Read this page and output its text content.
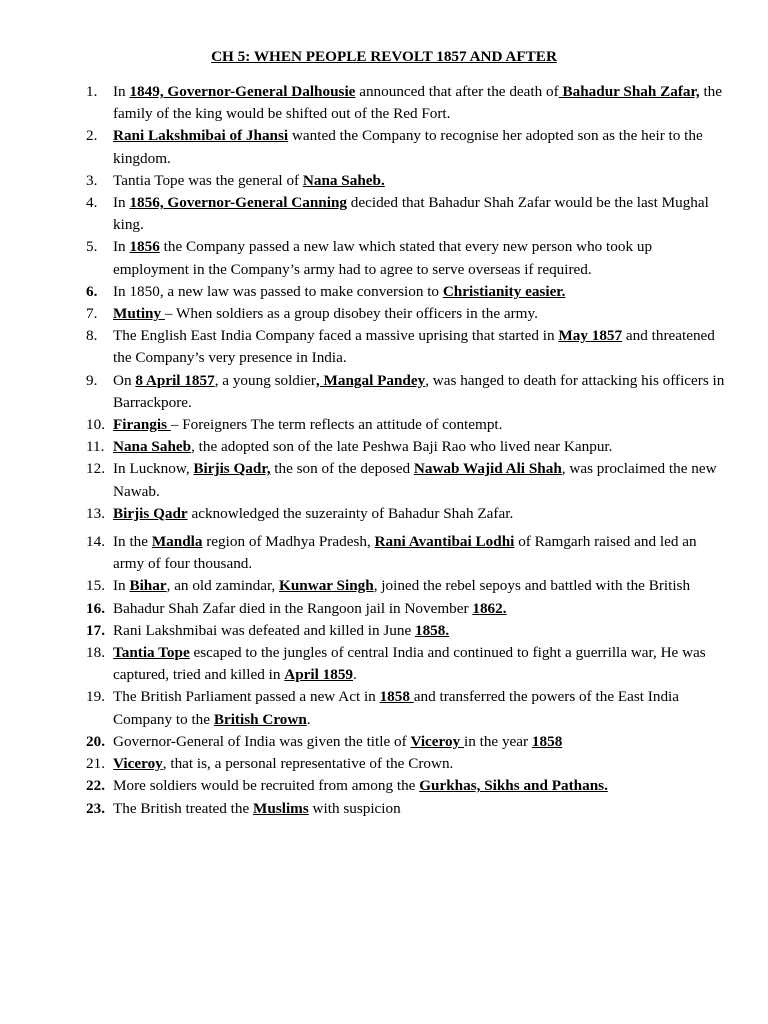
CH 5: WHEN PEOPLE REVOLT 1857 AND AFTER
1.	In 1849, Governor-General Dalhousie announced that after the death of Bahadur Shah Zafar, the family of the king would be shifted out of the Red Fort.
2.	Rani Lakshmibai of Jhansi wanted the Company to recognise her adopted son as the heir to the kingdom.
3.	Tantia Tope was the general of Nana Saheb.
4.	In 1856, Governor-General Canning decided that Bahadur Shah Zafar would be the last Mughal king.
5.	In 1856 the Company passed a new law which stated that every new person who took up employment in the Company’s army had to agree to serve overseas if required.
6.	In 1850, a new law was passed to make conversion to Christianity easier.
7.	Mutiny – When soldiers as a group disobey their officers in the army.
8.	The English East India Company faced a massive uprising that started in May 1857 and threatened the Company’s very presence in India.
9.	On 8 April 1857, a young soldier, Mangal Pandey, was hanged to death for attacking his officers in Barrackpore.
10. Firangis – Foreigners The term reflects an attitude of contempt.
11. Nana Saheb, the adopted son of the late Peshwa Baji Rao who lived near Kanpur.
12. In Lucknow, Birjis Qadr, the son of the deposed Nawab Wajid Ali Shah, was proclaimed the new Nawab.
13. Birjis Qadr acknowledged the suzerainty of Bahadur Shah Zafar.
14. In the Mandla region of Madhya Pradesh, Rani Avantibai Lodhi of Ramgarh raised and led an army of four thousand.
15. In Bihar, an old zamindar, Kunwar Singh, joined the rebel sepoys and battled with the British
16. Bahadur Shah Zafar died in the Rangoon jail in November 1862.
17. Rani Lakshmibai was defeated and killed in June 1858.
18. Tantia Tope escaped to the jungles of central India and continued to fight a guerrilla war, He was captured, tried and killed in April 1859.
19. The British Parliament passed a new Act in 1858 and transferred the powers of the East India Company to the British Crown.
20. Governor-General of India was given the title of Viceroy in the year 1858
21. Viceroy, that is, a personal representative of the Crown.
22. More soldiers would be recruited from among the Gurkhas, Sikhs and Pathans.
23. The British treated the Muslims with suspicion
